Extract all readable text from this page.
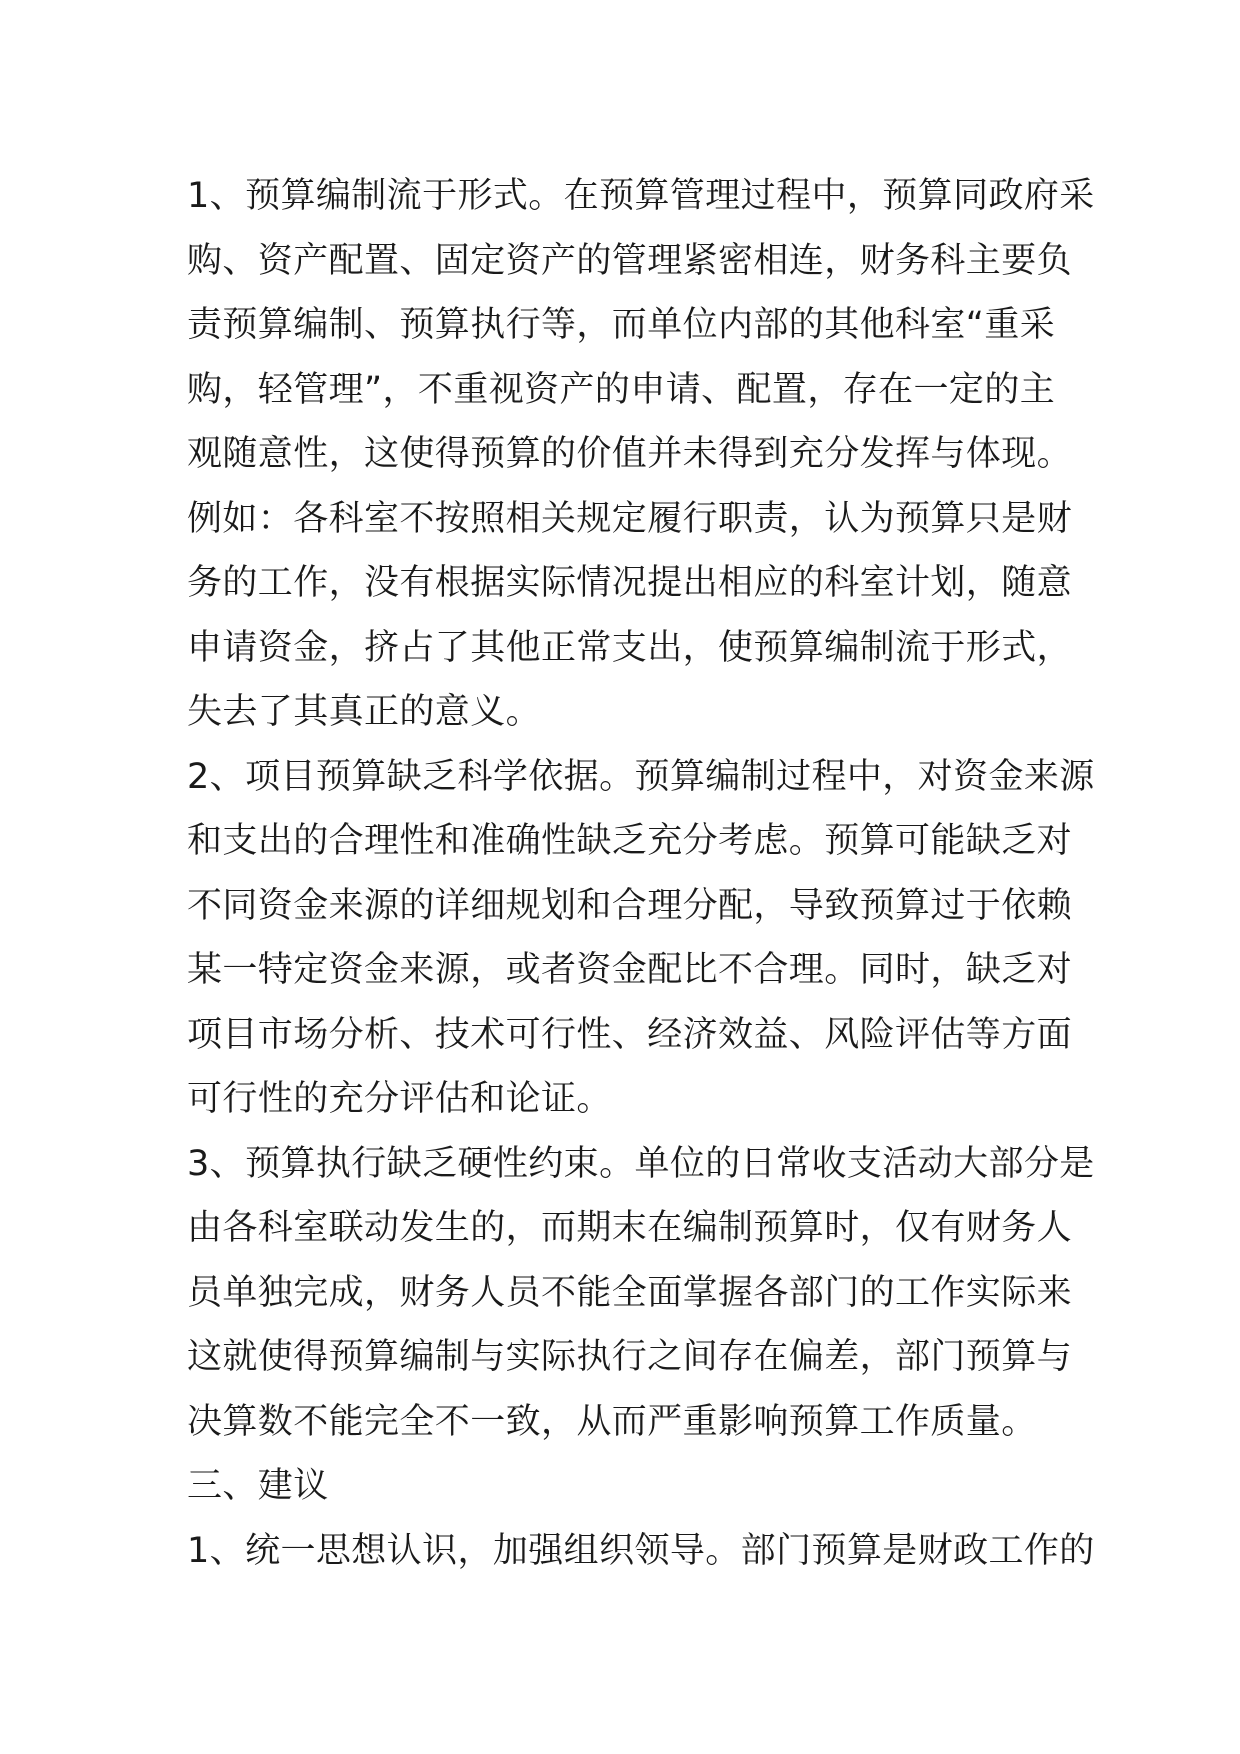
1、预算编制流于形式。在预算管理过程中，预算同政府采
购、资产配置、固定资产的管理紧密相连，财务科主要负
责预算编制、预算执行等，而单位内部的其他科室“重采
购，轻管理”，不重视资产的申请、配置，存在一定的主
观随意性，这使得预算的价值并未得到充分发挥与体现。
例如：各科室不按照相关规定履行职责，认为预算只是财
务的工作，没有根据实际情况提出相应的科室计划，随意
申请资金，挤占了其他正常支出，使预算编制流于形式，
失去了其真正的意义。

2、项目预算缺乏科学依据。预算编制过程中，对资金来源
和支出的合理性和准确性缺乏充分考虑。预算可能缺乏对
不同资金来源的详细规划和合理分配，导致预算过于依赖
某一特定资金来源，或者资金配比不合理。同时，缺乏对
项目市场分析、技术可行性、经济效益、风险评估等方面
可行性的充分评估和论证。

3、预算执行缺乏硬性约束。单位的日常收支活动大部分是
由各科室联动发生的，而期末在编制预算时，仅有财务人
员单独完成，财务人员不能全面掌握各部门的工作实际来
这就使得预算编制与实际执行之间存在偏差，部门预算与
决算数不能完全不一致，从而严重影响预算工作质量。

三、建议

1、统一思想认识，加强组织领导。部门预算是财政工作的
